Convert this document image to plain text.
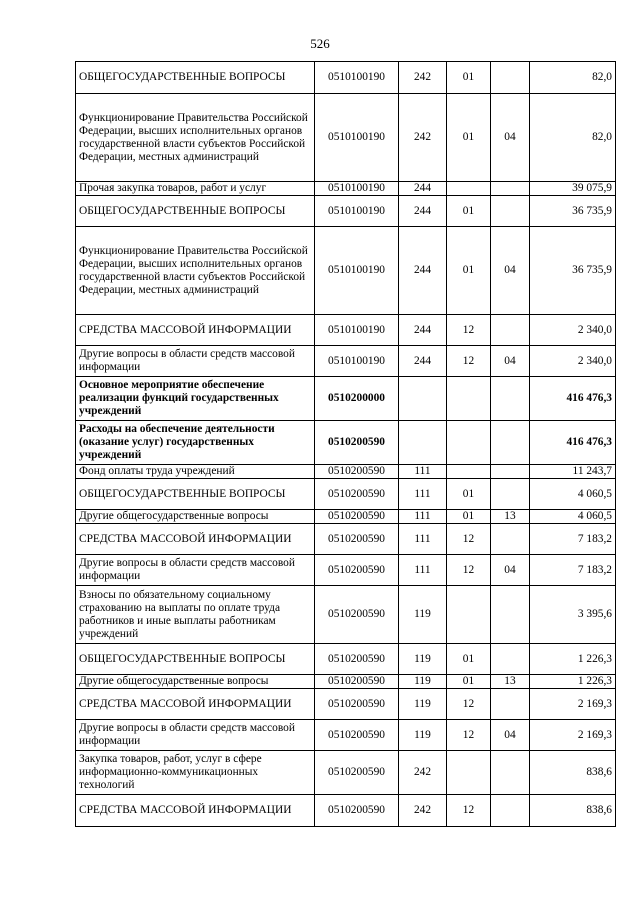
526
ОБЩЕГОСУДАРСТВЕННЫЕ ВОПРОСЫ	0510100190	242	01		82,0
Функционирование Правительства Российской Федерации, высших исполнительных органов государственной власти субъектов Российской Федерации, местных администраций	0510100190	242	01	04	82,0
Прочая закупка товаров, работ и услуг	0510100190	244			39 075,9
ОБЩЕГОСУДАРСТВЕННЫЕ ВОПРОСЫ	0510100190	244	01		36 735,9
Функционирование Правительства Российской Федерации, высших исполнительных органов государственной власти субъектов Российской Федерации, местных администраций	0510100190	244	01	04	36 735,9
СРЕДСТВА МАССОВОЙ ИНФОРМАЦИИ	0510100190	244	12		2 340,0
Другие вопросы в области средств массовой информации	0510100190	244	12	04	2 340,0
Основное мероприятие обеспечение реализации функций государственных учреждений	0510200000				416 476,3
Расходы на обеспечение деятельности (оказание услуг) государственных учреждений	0510200590				416 476,3
Фонд оплаты труда учреждений	0510200590	111			11 243,7
ОБЩЕГОСУДАРСТВЕННЫЕ ВОПРОСЫ	0510200590	111	01		4 060,5
Другие общегосударственные вопросы	0510200590	111	01	13	4 060,5
СРЕДСТВА МАССОВОЙ ИНФОРМАЦИИ	0510200590	111	12		7 183,2
Другие вопросы в области средств массовой информации	0510200590	111	12	04	7 183,2
Взносы по обязательному социальному страхованию на выплаты по оплате труда работников и иные выплаты работникам учреждений	0510200590	119			3 395,6
ОБЩЕГОСУДАРСТВЕННЫЕ ВОПРОСЫ	0510200590	119	01		1 226,3
Другие общегосударственные вопросы	0510200590	119	01	13	1 226,3
СРЕДСТВА МАССОВОЙ ИНФОРМАЦИИ	0510200590	119	12		2 169,3
Другие вопросы в области средств массовой информации	0510200590	119	12	04	2 169,3
Закупка товаров, работ, услуг в сфере информационно-коммуникационных технологий	0510200590	242			838,6
СРЕДСТВА МАССОВОЙ ИНФОРМАЦИИ	0510200590	242	12		838,6
